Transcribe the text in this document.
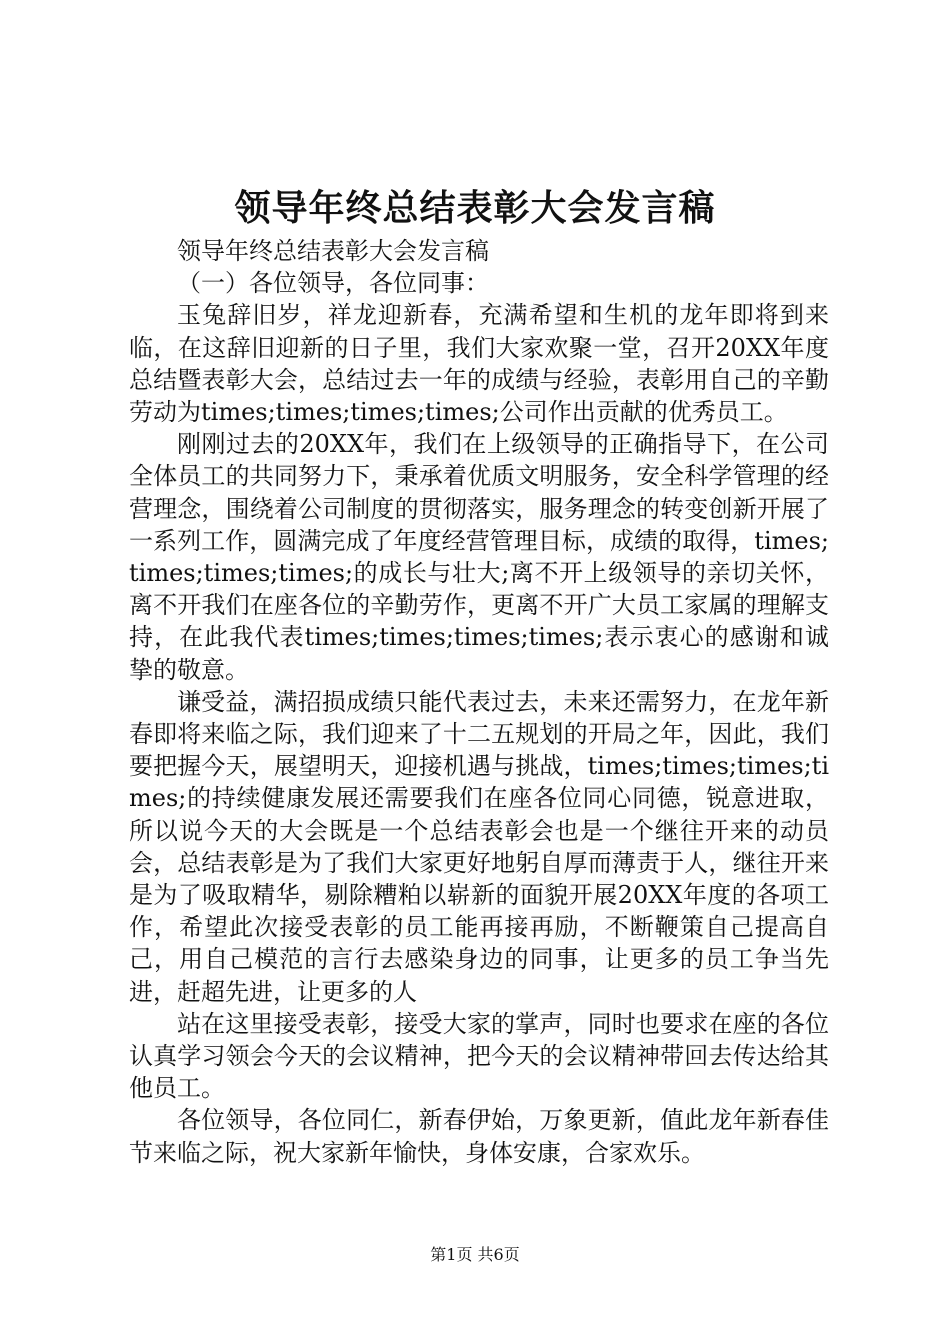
领导年终总结表彰大会发言稿

领导年终总结表彰大会发言稿

（一）各位领导，各位同事：

玉兔辞旧岁，祥龙迎新春，充满希望和生机的龙年即将到来临，在这辞旧迎新的日子里，我们大家欢聚一堂，召开20XX年度总结暨表彰大会，总结过去一年的成绩与经验，表彰用自己的辛勤劳动为times;times;times;times;公司作出贡献的优秀员工。

刚刚过去的20XX年，我们在上级领导的正确指导下，在公司全体员工的共同努力下，秉承着优质文明服务，安全科学管理的经营理念，围绕着公司制度的贯彻落实，服务理念的转变创新开展了一系列工作，圆满完成了年度经营管理目标，成绩的取得，times;times;times;times;的成长与壮大;离不开上级领导的亲切关怀，离不开我们在座各位的辛勤劳作，更离不开广大员工家属的理解支持，在此我代表times;times;times;times;表示衷心的感谢和诚挚的敬意。

谦受益，满招损成绩只能代表过去，未来还需努力，在龙年新春即将来临之际，我们迎来了十二五规划的开局之年，因此，我们要把握今天，展望明天，迎接机遇与挑战，times;times;times;times;的持续健康发展还需要我们在座各位同心同德，锐意进取，所以说今天的大会既是一个总结表彰会也是一个继往开来的动员会，总结表彰是为了我们大家更好地躬自厚而薄责于人，继往开来是为了吸取精华，剔除糟粕以崭新的面貌开展20XX年度的各项工作，希望此次接受表彰的员工能再接再励，不断鞭策自己提高自己，用自己模范的言行去感染身边的同事，让更多的员工争当先进，赶超先进，让更多的人

站在这里接受表彰，接受大家的掌声，同时也要求在座的各位认真学习领会今天的会议精神，把今天的会议精神带回去传达给其他员工。

各位领导，各位同仁，新春伊始，万象更新，值此龙年新春佳节来临之际，祝大家新年愉快，身体安康，合家欢乐。

第1页 共6页
